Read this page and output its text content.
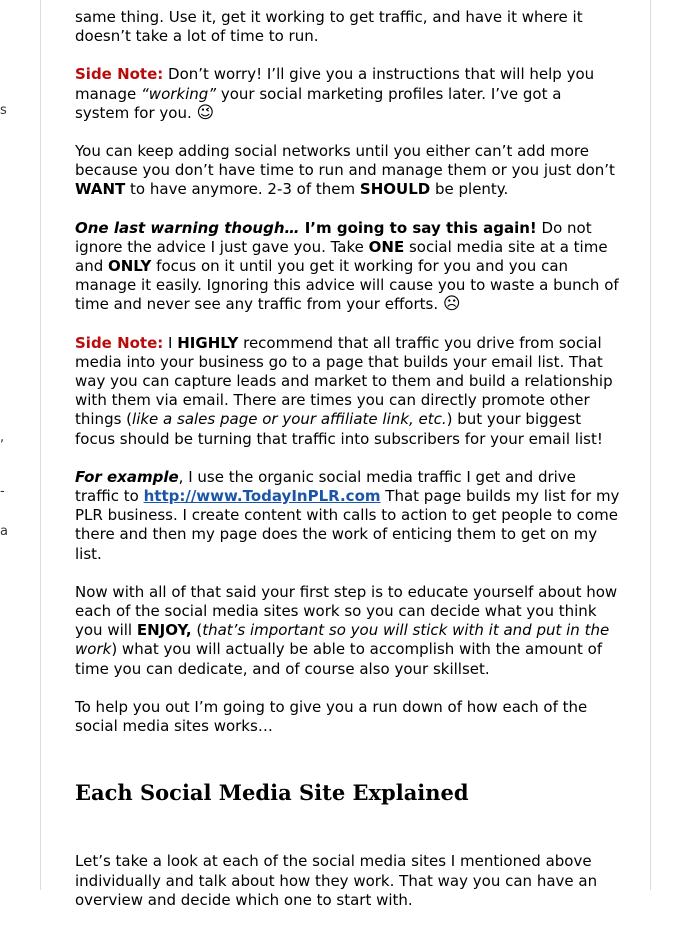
s
,
-
a

same thing. Use it, get it working to get traffic, and have it where it doesn’t take a lot of time to run.

Side Note: Don’t worry! I’ll give you a instructions that will help you manage “working” your social marketing profiles later. I’ve got a system for you. 😉

You can keep adding social networks until you either can’t add more because you don’t have time to run and manage them or you just don’t WANT to have anymore. 2-3 of them SHOULD be plenty.

One last warning though… I’m going to say this again! Do not ignore the advice I just gave you. Take ONE social media site at a time and ONLY focus on it until you get it working for you and you can manage it easily. Ignoring this advice will cause you to waste a bunch of time and never see any traffic from your efforts. ☹

Side Note: I HIGHLY recommend that all traffic you drive from social media into your business go to a page that builds your email list. That way you can capture leads and market to them and build a relationship with them via email. There are times you can directly promote other things (like a sales page or your affiliate link, etc.) but your biggest focus should be turning that traffic into subscribers for your email list!

For example, I use the organic social media traffic I get and drive traffic to http://www.TodayInPLR.com That page builds my list for my PLR business. I create content with calls to action to get people to come there and then my page does the work of enticing them to get on my list.

Now with all of that said your first step is to educate yourself about how each of the social media sites work so you can decide what you think you will ENJOY, (that’s important so you will stick with it and put in the work) what you will actually be able to accomplish with the amount of time you can dedicate, and of course also your skillset.

To help you out I’m going to give you a run down of how each of the social media sites works…

Each Social Media Site Explained

Let’s take a look at each of the social media sites I mentioned above individually and talk about how they work. That way you can have an overview and decide which one to start with.
